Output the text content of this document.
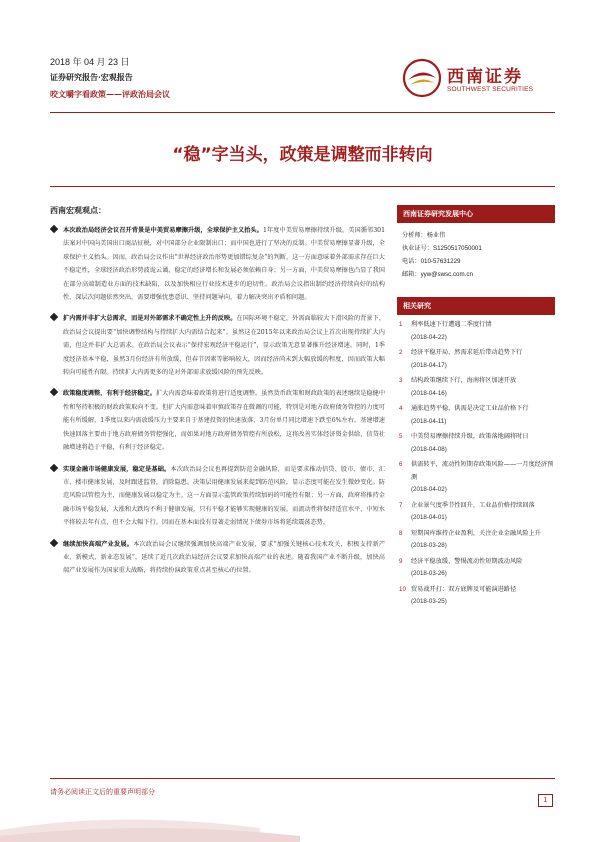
2018 年 04 月 23 日
证券研究报告·宏观报告
咬文嚼字看政策——评政治局会议
西南证券
SOUTHWEST SECURITIES
“稳”字当头，政策是调整而非转向
西南宏观观点：
本次政治局经济会议召开背景是中美贸易摩擦升级，全球保护主义抬头。1年度中美贸易摩擦持续升级，美国循邻301法案对中国向美国出口商品征税，对中国部分企业限制出口；而中国也进行了坚决的反制。中美贸易摩擦显著升级，全球保护主义抬头。因而，政治局会议作出“世界经济政治形势更加错综复杂”的判断，这一方面意味着外部需求存在巨大不稳定性，全球经济政治形势波诡云谲，稳定的经济增长和发展必须依赖自身；另一方面，中美贸易摩擦也凸显了我国在部分高端制造业方面的技术缺陷，以及加快相应行业技术进步的迫切性。政治局会议指出制约经济持续向好的结构性、深层次问题依然突出，需要增强忧患意识、坚持问题导向，着力解决突出矛盾和问题。
扩内需并非扩大总需求，而是对外部需求不确定性上升的反映。在国际环境不稳定，外需面临较大下滑风险的背景下，政治局会议提出要“加快调整结构与持续扩大内需结合起来”。虽然这在2015年以来政治局会议上首次出现持续扩大内需，但这并非扩大总需求。在政治局会议表示“保持宏观经济平稳运行”，显示政策无意显著推升经济增速。同时，1季度经济基本平稳，虽然3月份经济有所放缓，但春节因素等影响较大，因而经济尚未到大幅放缓的程度，因而政策大幅转向可能性有限。持续扩大内需更多的是对外部需求放缓风险的预先反映。
政策稳度调整，有利于经济稳定。扩大内需意味着政策将进行适度调整。虽然货币政策和财政政策的表述继续是稳健中性和坚持积极的财政政策取向不变。但扩大内需意味着审慎政策存在微调的可能，特别是对地方政府债务管控的力度可能有所缓解。1季度以来内需放缓压力主要来自于基建投资的快速放落，3月份单月同比增速下跌至6%左右，基建增速快速回落主要由于地方政府债务管控强化，而如果对地方政府债务管控有所放松，这将改善实体经济资金供给，信贷社融增速将趋于平稳，有利于经济稳定。
实现金融市场健康发展，稳定是基础。本次政治局会议也再提到防范金融风险，而是要求推动信贷、股市、债市、汇市、楼市健康发展，及时跟进监督，消除隐患。决策层用健康发展来提到防范风险，显示态度可能在发生微妙变化。防范风险以管控为主，而健康发展以稳定为主。这一方面显示监管政策持续加码的可能性有限；另一方面，政府将推持金融市场平稳发展，大涨和大跌均不利于健康发展，只有平稳才能够实现健康的发展。而流动性将保持适宜水平，中短水平将较去年有点，但不会大幅下行。因而在基本面没有显著走弱情况下债券市场将延续震荡态势。
继续加快高端产业发展。本次政治局会议继续强调加快高端产业发展，要求“加强关键核心技术攻关，积极支持新产业、新模式、新业态发展”，延续了近几次政治局经济会议要求加快高端产业的表述。随着我国产业不断升级，加快高端产业发展作为国家重大战略，将持续扮演政策重点甚至核心的位置。
西南证券研究发展中心
分析师：杨业伟
执业证号：S1250517050001
电话：010-57631229
邮箱：yyw@swsc.com.cn
相关研究
1 利率低速下行遭遇二季度行情
(2018-04-22)
2 经济平稳开局，然需求延后带动趋势下行
(2018-04-17)
3 结构政策继续下行，海南将区加速开放
(2018-04-16)
4 通胀趋势平稳，供需是决定工业品价格下行
(2018-04-11)
5 中美贸易摩擦持续升级，政策落地阔将时日
(2018-04-08)
6 供需转平，流动性短期存政策风险——一月度经济预测
(2018-04-02)
7 企业景气度季节性回升，工业品价格持续回落
(2018-04-01)
8 短期国库维持企业盈利，关注企业金融风险上升
(2018-03-28)
9 经济平稳放缓，警惕流动性短期波动风险
(2018-03-26)
10 贸易战开打：双方底牌及可能演进路径
(2018-03-25)
请务必阅读正文后的重要声明部分
1
